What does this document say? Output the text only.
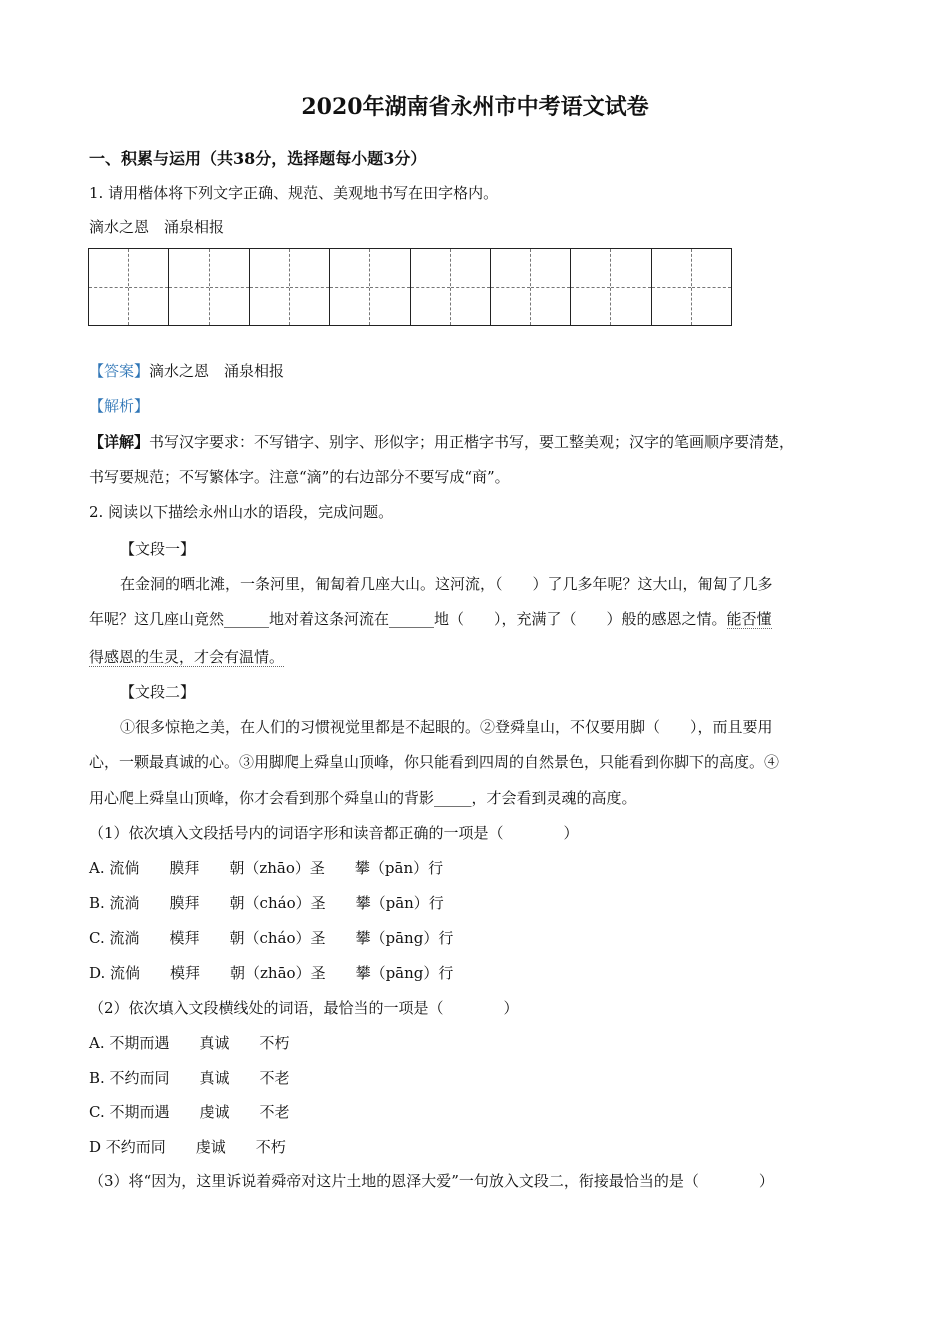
2020年湖南省永州市中考语文试卷
一、积累与运用（共38分，选择题每小题3分）
1. 请用楷体将下列文字正确、规范、美观地书写在田字格内。
滴水之恩　涌泉相报
【答案】滴水之恩　涌泉相报
【解析】
【详解】书写汉字要求：不写错字、别字、形似字；用正楷字书写，要工整美观；汉字的笔画顺序要清楚，
书写要规范；不写繁体字。注意“滴”的右边部分不要写成“商”。
2. 阅读以下描绘永州山水的语段，完成问题。
【文段一】
在金洞的晒北滩，一条河里，匍匐着几座大山。这河流，（　　）了几多年呢？这大山，匍匐了几多
年呢？这几座山竟然______地对着这条河流在______地（　　），充满了（　　）般的感恩之情。能否懂
得感恩的生灵，才会有温情。
【文段二】
①很多惊艳之美，在人们的习惯视觉里都是不起眼的。②登舜皇山，不仅要用脚（　　），而且要用
心，一颗最真诚的心。③用脚爬上舜皇山顶峰，你只能看到四周的自然景色，只能看到你脚下的高度。④
用心爬上舜皇山顶峰，你才会看到那个舜皇山的背影_____，才会看到灵魂的高度。
（1）依次填入文段括号内的词语字形和读音都正确的一项是（　　　　）
A. 流倘　　膜拜　　朝（zhāo）圣　　攀（pān）行
B. 流淌　　膜拜　　朝（cháo）圣　　攀（pān）行
C. 流淌　　模拜　　朝（cháo）圣　　攀（pāng）行
D. 流倘　　模拜　　朝（zhāo）圣　　攀（pāng）行
（2）依次填入文段横线处的词语，最恰当的一项是（　　　　）
A. 不期而遇　　真诚　　不朽
B. 不约而同　　真诚　　不老
C. 不期而遇　　虔诚　　不老
D 不约而同　　虔诚　　不朽
（3）将“因为，这里诉说着舜帝对这片土地的恩泽大爱”一句放入文段二，衔接最恰当的是（　　　　）
